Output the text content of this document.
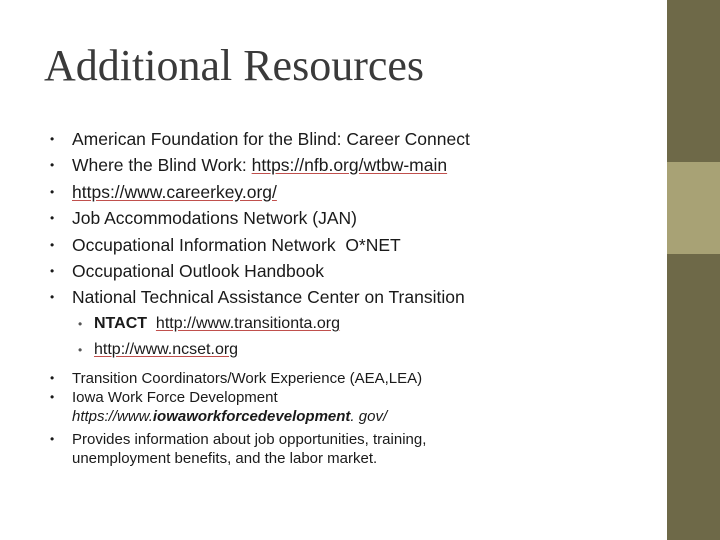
Additional Resources
• American Foundation for the Blind: Career Connect
• Where the Blind Work: https://nfb.org/wtbw-main
• https://www.careerkey.org/
• Job Accommodations Network (JAN)
• Occupational Information Network  O*NET
• Occupational Outlook Handbook
• National Technical Assistance Center on Transition
• NTACT http://www.transitionta.org
• http://www.ncset.org
• Transition Coordinators/Work Experience (AEA,LEA)
• Iowa Work Force Development
https://www.iowaworkforcedevelopment. gov/
• Provides information about job opportunities, training,
unemployment benefits, and the labor market.
